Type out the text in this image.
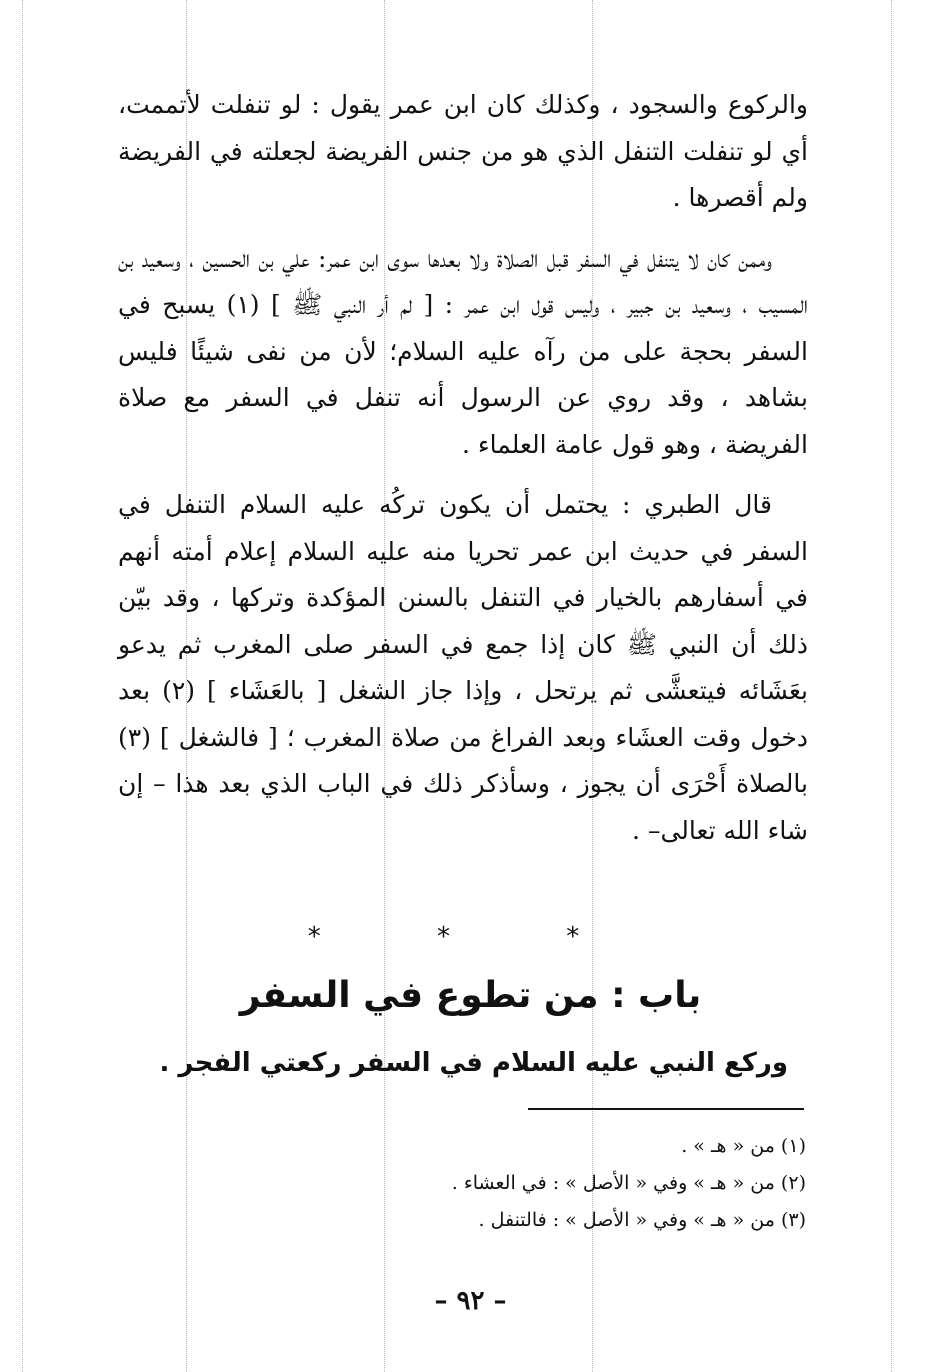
والركوع والسجود ، وكذلك كان ابن عمر يقول : لو تنفلت لأتممت، أي لو تنفلت التنفل الذي هو من جنس الفريضة لجعلته في الفريضة ولم أقصرها .

وممن كان لا يتنفل في السفر قبل الصلاة ولا بعدها سوى ابن عمر: علي بن الحسين ، وسعيد بن المسيب ، وسعيد بن جبير ، وليس قول ابن عمر : [ لم أر النبي ﷺ ] (١) يسبح في السفر بحجة على من رآه عليه السلام؛ لأن من نفى شيئًا فليس بشاهد ، وقد روي عن الرسول أنه تنفل في السفر مع صلاة الفريضة ، وهو قول عامة العلماء .

قال الطبري : يحتمل أن يكون تركُه عليه السلام التنفل في السفر في حديث ابن عمر تحريا منه عليه السلام إعلام أمته أنهم في أسفارهم بالخيار في التنفل بالسنن المؤكدة وتركها ، وقد بيّن ذلك أن النبي ﷺ كان إذا جمع في السفر صلى المغرب ثم يدعو بعَشَائه فيتعشَّى ثم يرتحل ، وإذا جاز الشغل [ بالعَشَاء ] (٢) بعد دخول وقت العشَاء وبعد الفراغ من صلاة المغرب ؛ [ فالشغل ] (٣) بالصلاة أَحْرَى أن يجوز ، وسأذكر ذلك في الباب الذي بعد هذا – إن شاء الله تعالى– .

* * *
باب : من تطوع في السفر
وركع النبي عليه السلام في السفر ركعتي الفجر .
(١) من « هـ » .
(٢) من « هـ » وفي « الأصل » : في العشاء .
(٣) من « هـ » وفي « الأصل » : فالتنفل .
– ٩٢ –
